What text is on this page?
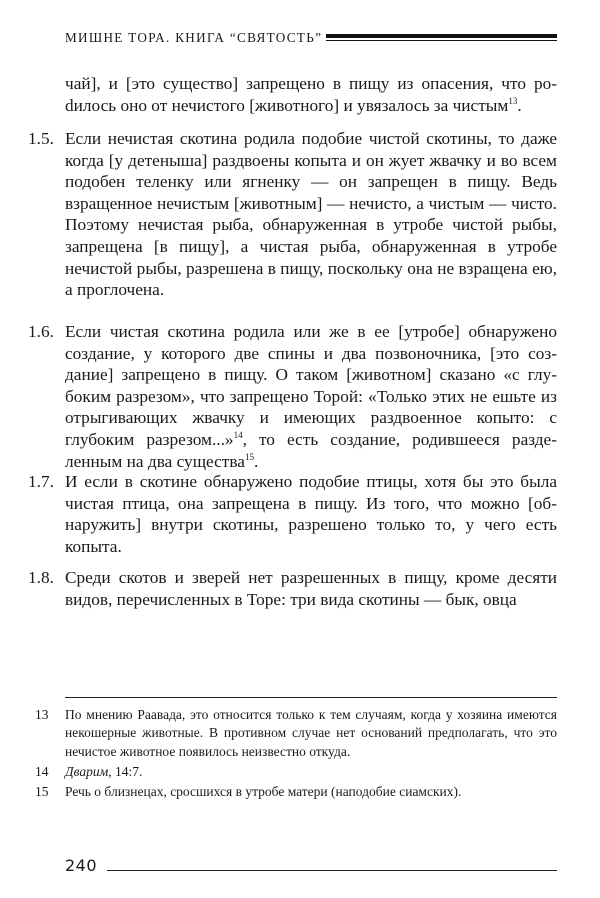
МИШНЕ ТОРА. КНИГА “СВЯТОСТЬ”
чай], и [это существо] запрещено в пищу из опасения, что роdилось оно от нечистого [животного] и увязалось за чистым$^{13}$.
1.5. Если нечистая скотина родила подобие чистой скотины, то даже когда [у детеныша] раздвоены копыта и он жует жвачку и во всем подобен теленку или ягненку — он запрещен в пищу. Ведь взращенное нечистым [животным] — нечисто, а чистым — чисто. Поэтому нечистая рыба, обнаруженная в утробе чистой рыбы, запрещена [в пищу], а чистая рыба, обнаруженная в утробе нечистой рыбы, разрешена в пищу, поскольку она не взращена ею, а проглочена.
1.6. Если чистая скотина родила или же в ее [утробе] обнаружено создание, у которого две спины и два позвоночника, [это создание] запрещено в пищу. О таком [животном] сказано «с глубоким разрезом», что запрещено Торой: «Только этих не ешьте из отрыгивающих жвачку и имеющих раздвоенное копыто: с глубоким разрезом...»$^{14}$, то есть создание, родившееся разделенным на два существа$^{15}$.
1.7. И если в скотине обнаружено подобие птицы, хотя бы это была чистая птица, она запрещена в пищу. Из того, что можно [обнаружить] внутри скотины, разрешено только то, у чего есть копыта.
1.8. Среди скотов и зверей нет разрешенных в пищу, кроме десяти видов, перечисленных в Торе: три вида скотины — бык, овца
13 По мнению Раавада, это относится только к тем случаям, когда у хозяина имеются некошерные животные. В противном случае нет оснований предполагать, что это нечистое животное появилось неизвестно откуда.
14 Дварим, 14:7.
15 Речь о близнецах, сросшихся в утробе матери (наподобие сиамских).
240
